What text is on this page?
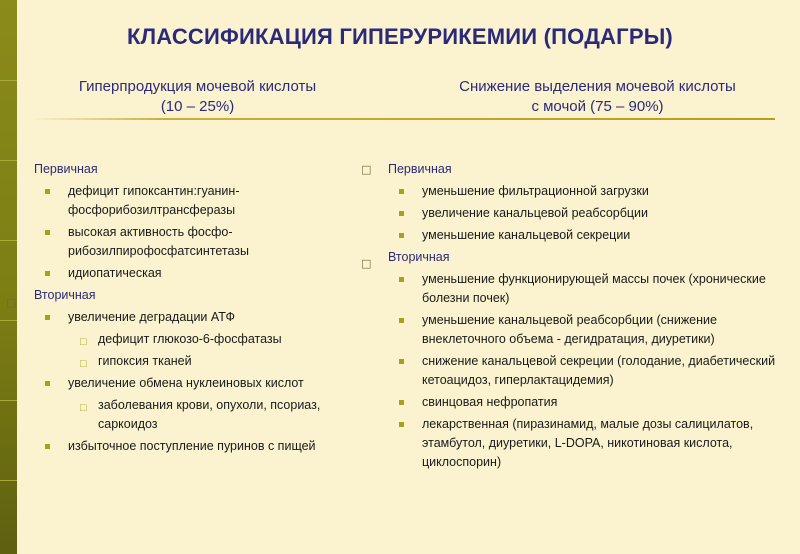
КЛАССИФИКАЦИЯ ГИПЕРУРИКЕМИИ (ПОДАГРЫ)
Гиперпродукция мочевой кислоты
(10 – 25%)
Снижение выделения мочевой кислоты
с мочой (75 – 90%)
□
Первичная
дефицит гипоксантин:гуанин-фосфорибозилтрансферазы
высокая активность фосфо-рибозилпирофосфатсинтетазы
идиопатическая
Вторичная
увеличение деградации АТФ
□ дефицит глюкозо-6-фосфатазы
□ гипоксия тканей
увеличение обмена нуклеиновых кислот
□ заболевания крови, опухоли, псориаз, саркоидоз
избыточное поступление пуринов с пищей
□
□
Первичная
уменьшение фильтрационной загрузки
увеличение канальцевой реабсорбции
уменьшение канальцевой секреции
Вторичная
уменьшение функционирующей массы почек (хронические болезни почек)
уменьшение канальцевой реабсорбции (снижение внеклеточного объема - дегидратация, диуретики)
снижение канальцевой секреции (голодание, диабетический кетоацидоз, гиперлактацидемия)
свинцовая нефропатия
лекарственная (пиразинамид, малые дозы салицилатов, этамбутол, диуретики, L-DOPA, никотиновая кислота, циклоспорин)
